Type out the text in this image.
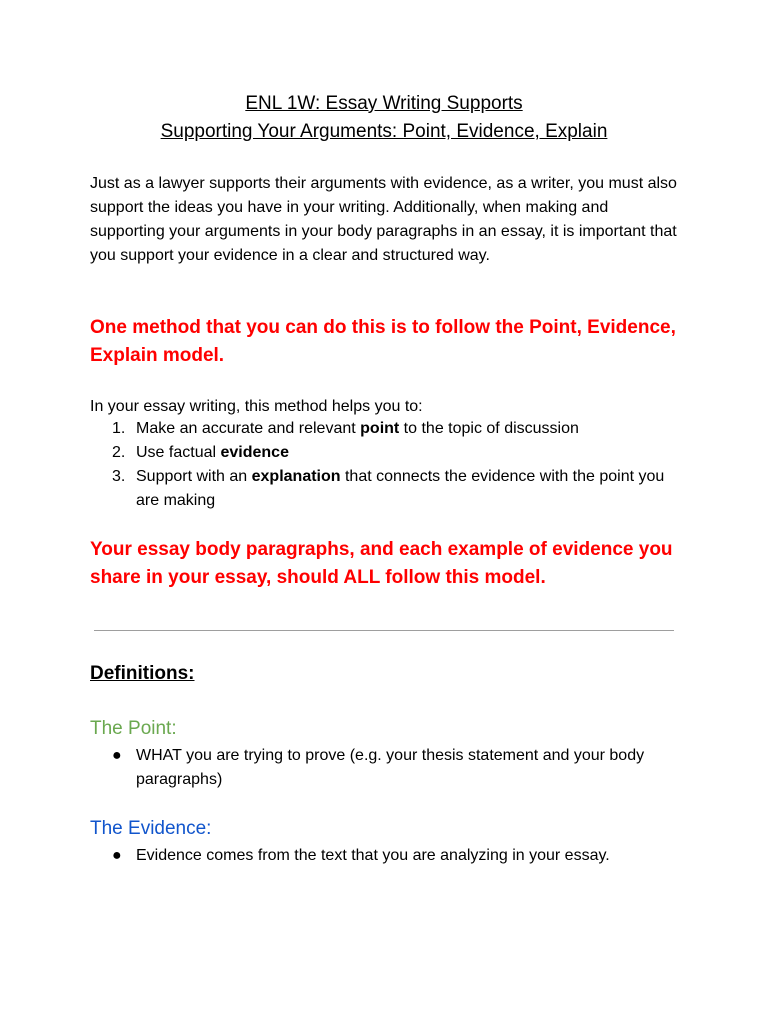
ENL 1W: Essay Writing Supports
Supporting Your Arguments: Point, Evidence, Explain

Just as a lawyer supports their arguments with evidence, as a writer, you must also support the ideas you have in your writing. Additionally, when making and supporting your arguments in your body paragraphs in an essay, it is important that you support your evidence in a clear and structured way.

One method that you can do this is to follow the Point, Evidence, Explain model.

In your essay writing, this method helps you to:

1. Make an accurate and relevant point to the topic of discussion
2. Use factual evidence
3. Support with an explanation that connects the evidence with the point you are making

Your essay body paragraphs, and each example of evidence you share in your essay, should ALL follow this model.

Definitions:
The Point:
● WHAT you are trying to prove (e.g. your thesis statement and your body paragraphs)
The Evidence:
● Evidence comes from the text that you are analyzing in your essay.
